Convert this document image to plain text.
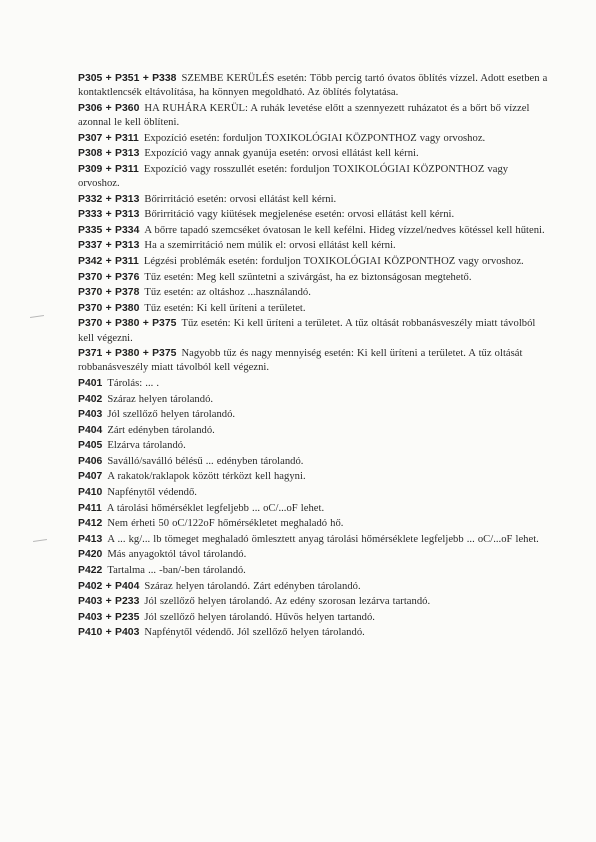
P305 + P351 + P338 SZEMBE KERÜLÉS esetén: Több percig tartó óvatos öblítés vízzel. Adott esetben a kontaktlencsék eltávolítása, ha könnyen megoldható. Az öblítés folytatása.

P306 + P360 HA RUHÁRA KERÜL: A ruhák levetése előtt a szennyezett ruházatot és a bőrt bő vízzel azonnal le kell öblíteni.

P307 + P311 Expozíció esetén: forduljon TOXIKOLÓGIAI KÖZPONTHOZ vagy orvoshoz.

P308 + P313 Expozíció vagy annak gyanúja esetén: orvosi ellátást kell kérni.

P309 + P311 Expozíció vagy rosszullét esetén: forduljon TOXIKOLÓGIAI KÖZPONTHOZ vagy orvoshoz.

P332 + P313 Bőrirritáció esetén: orvosi ellátást kell kérni.

P333 + P313 Bőrirritáció vagy kiütések megjelenése esetén: orvosi ellátást kell kérni.

P335 + P334 A bőrre tapadó szemcséket óvatosan le kell kefélni. Hideg vízzel/nedves kötéssel kell hűteni.

P337 + P313 Ha a szemirritáció nem múlik el: orvosi ellátást kell kérni.

P342 + P311 Légzési problémák esetén: forduljon TOXIKOLÓGIAI KÖZPONTHOZ vagy orvoshoz.

P370 + P376 Tűz esetén: Meg kell szüntetni a szivárgást, ha ez biztonságosan megtehető.

P370 + P378 Tűz esetén: az oltáshoz ...használandó.

P370 + P380 Tűz esetén: Ki kell üríteni a területet.

P370 + P380 + P375 Tűz esetén: Ki kell üríteni a területet. A tűz oltását robbanásveszély miatt távolból kell végezni.

P371 + P380 + P375 Nagyobb tűz és nagy mennyiség esetén: Ki kell üríteni a területet. A tűz oltását robbanásveszély miatt távolból kell végezni.

P401 Tárolás: ... .

P402 Száraz helyen tárolandó.

P403 Jól szellőző helyen tárolandó.

P404 Zárt edényben tárolandó.

P405 Elzárva tárolandó.

P406 Saválló/saválló bélésű ... edényben tárolandó.

P407 A rakatok/raklapok között térközt kell hagyni.

P410 Napfénytől védendő.

P411 A tárolási hőmérséklet legfeljebb ... oC/...oF lehet.

P412 Nem érheti 50 oC/122oF hőmérsékletet meghaladó hő.

P413 A ... kg/... lb tömeget meghaladó ömlesztett anyag tárolási hőmérséklete legfeljebb ... oC/...oF lehet.

P420 Más anyagoktól távol tárolandó.

P422 Tartalma ... -ban/-ben tárolandó.

P402 + P404 Száraz helyen tárolandó. Zárt edényben tárolandó.

P403 + P233 Jól szellőző helyen tárolandó. Az edény szorosan lezárva tartandó.

P403 + P235 Jól szellőző helyen tárolandó. Hűvös helyen tartandó.

P410 + P403 Napfénytől védendő. Jól szellőző helyen tárolandó.
